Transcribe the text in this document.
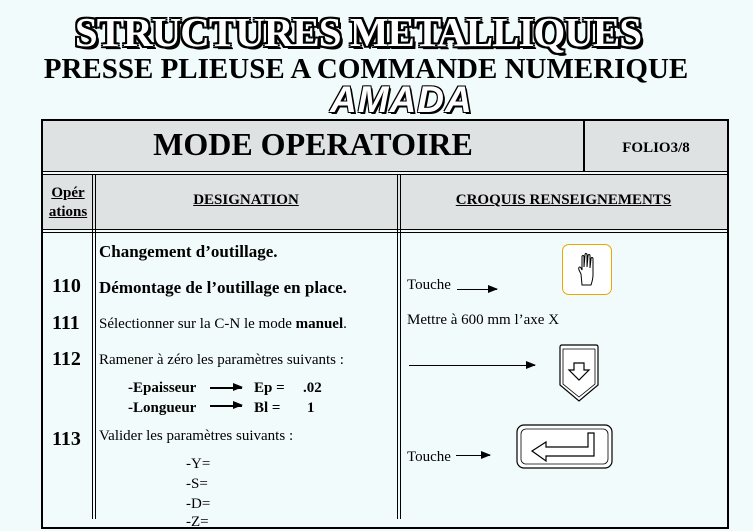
STRUCTURES METALLIQUES
PRESSE PLIEUSE A COMMANDE NUMERIQUE
AMADA
MODE OPERATOIRE	FOLIO3/8
Opér
ations
DESIGNATION	CROQUIS RENSEIGNEMENTS
Changement d’outillage.
110 Démontage de l’outillage en place.	Touche
111 Sélectionner sur la C-N le mode manuel.	Mettre à 600 mm l’axe X
112 Ramener à zéro les paramètres suivants :
-Epaisseur	Ep = .02
-Longueur	Bl = 1
113 Valider les paramètres suivants :
-Y=
-S=
-D=
-Z=
Touche
